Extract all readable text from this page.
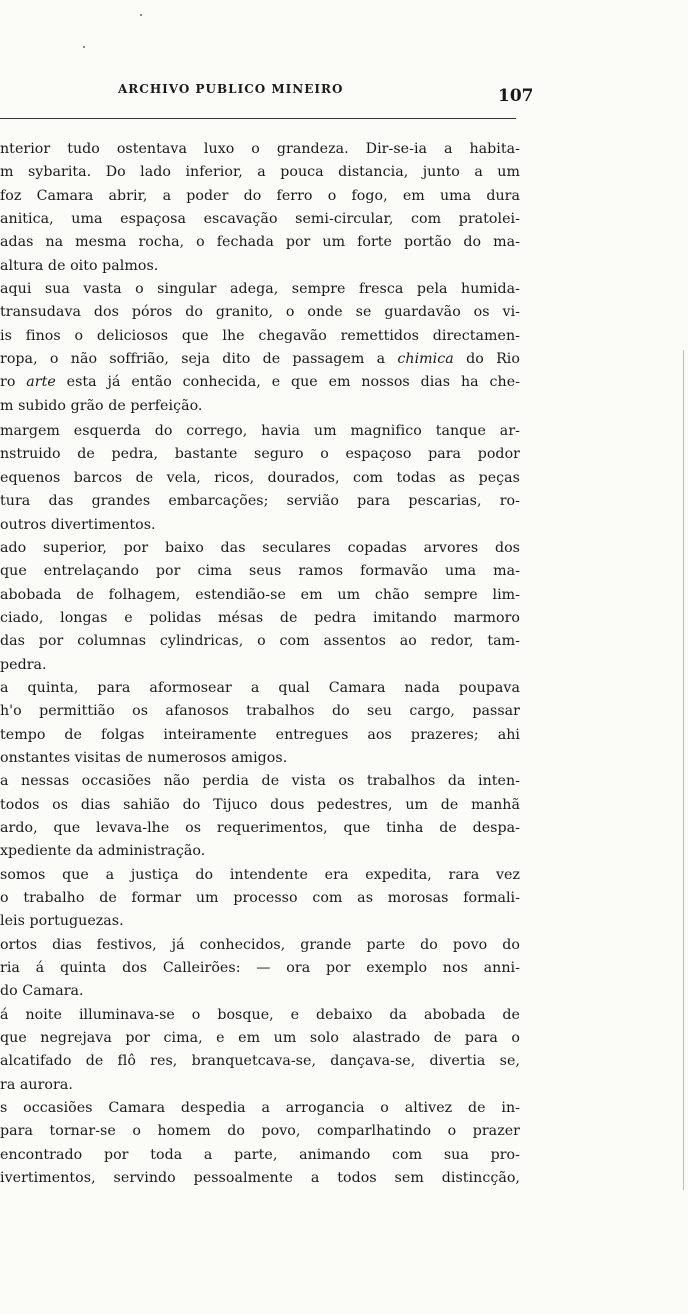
ARCHIVO PUBLICO MINEIRO	107
nterior tudo ostentava luxo o grandeza. Dir-se-ia a habita-
m sybarita. Do lado inferior, a pouca distancia, junto a um
foz Camara abrir, a poder do ferro o fogo, em uma dura
anitica, uma espaçosa escavação semi-circular, com pratolei-
adas na mesma rocha, o fechada por um forte portão do ma-
altura de oito palmos.
aqui sua vasta o singular adega, sempre fresca pela humida-
transudava dos póros do granito, o onde se guardavão os vi-
is finos o deliciosos que lhe chegavão remettidos directamen-
ropa, o não soffrião, seja dito de passagem a chimica do Rio
ro arte esta já então conhecida, e que em nossos dias ha che-
m subido grão de perfeição.
margem esquerda do corrego, havia um magnifico tanque ar-
nstruido de pedra, bastante seguro o espaçoso para podor
equenos barcos de vela, ricos, dourados, com todas as peças
tura das grandes embarcações; servião para pescarias, ro-
outros divertimentos.
ado superior, por baixo das seculares copadas arvores dos
que entrelaçando por cima seus ramos formavão uma ma-
abobada de folhagem, estendião-se em um chão sempre lim-
ciado, longas e polidas mésas de pedra imitando marmoro
das por columnas cylindricas, o com assentos ao redor, tam-
pedra.
a quinta, para aformosear a qual Camara nada poupava
h'o permittião os afanosos trabalhos do seu cargo, passar
tempo de folgas inteiramente entregues aos prazeres; ahi
onstantes visitas de numerosos amigos.
a nessas occasiões não perdia de vista os trabalhos da inten-
todos os dias sahião do Tijuco dous pedestres, um de manhã
ardo, que levava-lhe os requerimentos, que tinha de despa-
xpediente da administração.
somos que a justiça do intendente era expedita, rara vez
o trabalho de formar um processo com as morosas formali-
leis portuguezas.
ortos dias festivos, já conhecidos, grande parte do povo do
ria á quinta dos Calleirões: — ora por exemplo nos anni-
do Camara.
á noite illuminava-se o bosque, e debaixo da abobada de
que negrejava por cima, e em um solo alastrado de para o
alcatifado de flô res, branquetcava-se, dançava-se, divertia se,
ra aurora.
s occasiões Camara despedia a arrogancia o altivez de in-
para tornar-se o homem do povo, comparlhatindo o prazer
encontrado por toda a parte, animando com sua pro-
ivertimentos, servindo pessoalmente a todos sem distincção,
